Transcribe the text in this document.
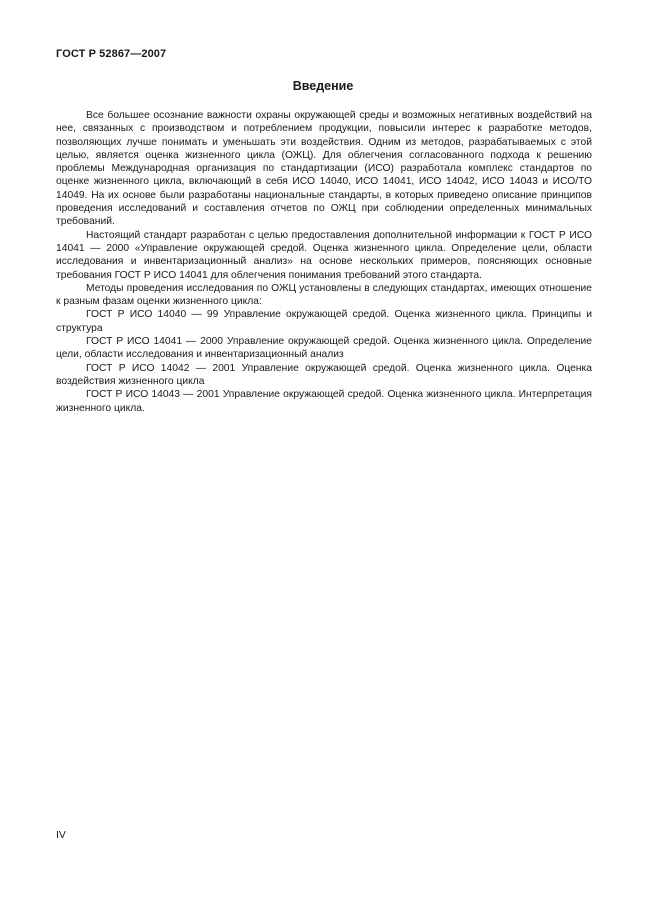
ГОСТ Р 52867—2007
Введение

Все большее осознание важности охраны окружающей среды и возможных негативных воздействий на нее, связанных с производством и потреблением продукции, повысили интерес к разработке методов, позволяющих лучше понимать и уменьшать эти воздействия. Одним из методов, разрабатываемых с этой целью, является оценка жизненного цикла (ОЖЦ). Для облегчения согласованного подхода к решению проблемы Международная организация по стандартизации (ИСО) разработала комплекс стандартов по оценке жизненного цикла, включающий в себя ИСО 14040, ИСО 14041, ИСО 14042, ИСО 14043 и ИСО/ТО 14049. На их основе были разработаны национальные стандарты, в которых приведено описание принципов проведения исследований и составления отчетов по ОЖЦ при соблюдении определенных минимальных требований.

Настоящий стандарт разработан с целью предоставления дополнительной информации к ГОСТ Р ИСО 14041 — 2000 «Управление окружающей средой. Оценка жизненного цикла. Определение цели, области исследования и инвентаризационный анализ» на основе нескольких примеров, поясняющих основные требования ГОСТ Р ИСО 14041 для облегчения понимания требований этого стандарта.

Методы проведения исследования по ОЖЦ установлены в следующих стандартах, имеющих отношение к разным фазам оценки жизненного цикла:

ГОСТ Р ИСО 14040 — 99 Управление окружающей средой. Оценка жизненного цикла. Принципы и структура

ГОСТ Р ИСО 14041 — 2000 Управление окружающей средой. Оценка жизненного цикла. Определение цели, области исследования и инвентаризационный анализ

ГОСТ Р ИСО 14042 — 2001 Управление окружающей средой. Оценка жизненного цикла. Оценка воздействия жизненного цикла

ГОСТ Р ИСО 14043 — 2001 Управление окружающей средой. Оценка жизненного цикла. Интерпретация жизненного цикла.

IV
